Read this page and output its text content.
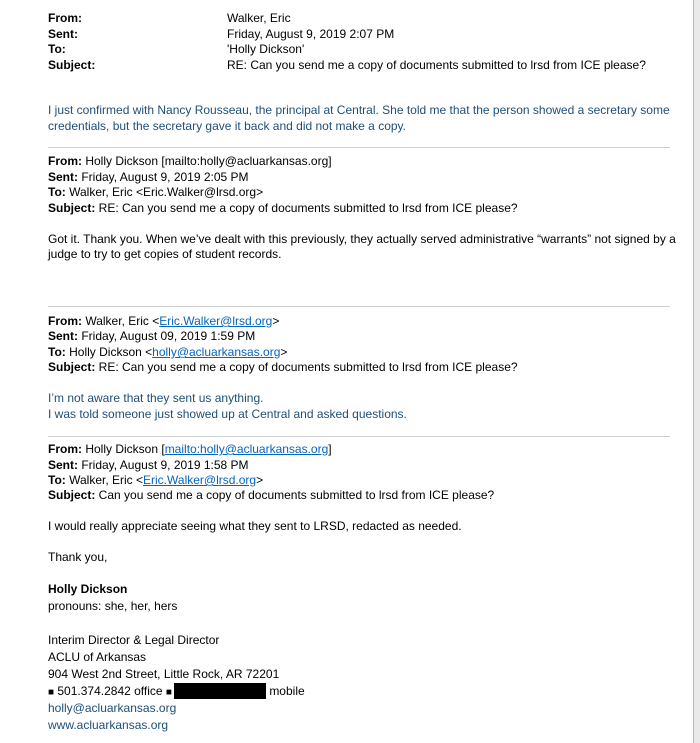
From:	Walker, Eric
Sent:	Friday, August 9, 2019 2:07 PM
To:	'Holly Dickson'
Subject:	RE: Can you send me a copy of documents submitted to lrsd from ICE please?
I just confirmed with Nancy Rousseau, the principal at Central. She told me that the person showed a secretary some
credentials, but the secretary gave it back and did not make a copy.
From: Holly Dickson [mailto:holly@acluarkansas.org]
Sent: Friday, August 9, 2019 2:05 PM
To: Walker, Eric <Eric.Walker@lrsd.org>
Subject: RE: Can you send me a copy of documents submitted to lrsd from ICE please?
Got it. Thank you. When we’ve dealt with this previously, they actually served administrative “warrants” not signed by a
judge to try to get copies of student records.
From: Walker, Eric <Eric.Walker@lrsd.org>
Sent: Friday, August 09, 2019 1:59 PM
To: Holly Dickson <holly@acluarkansas.org>
Subject: RE: Can you send me a copy of documents submitted to lrsd from ICE please?
I’m not aware that they sent us anything.
I was told someone just showed up at Central and asked questions.
From: Holly Dickson [mailto:holly@acluarkansas.org]
Sent: Friday, August 9, 2019 1:58 PM
To: Walker, Eric <Eric.Walker@lrsd.org>
Subject: Can you send me a copy of documents submitted to lrsd from ICE please?
I would really appreciate seeing what they sent to LRSD, redacted as needed.
Thank you,
Holly Dickson
pronouns: she, her, hers
Interim Director & Legal Director
ACLU of Arkansas
904 West 2nd Street, Little Rock, AR 72201
■ 501.374.2842 office ■	mobile
holly@acluarkansas.org
www.acluarkansas.org
